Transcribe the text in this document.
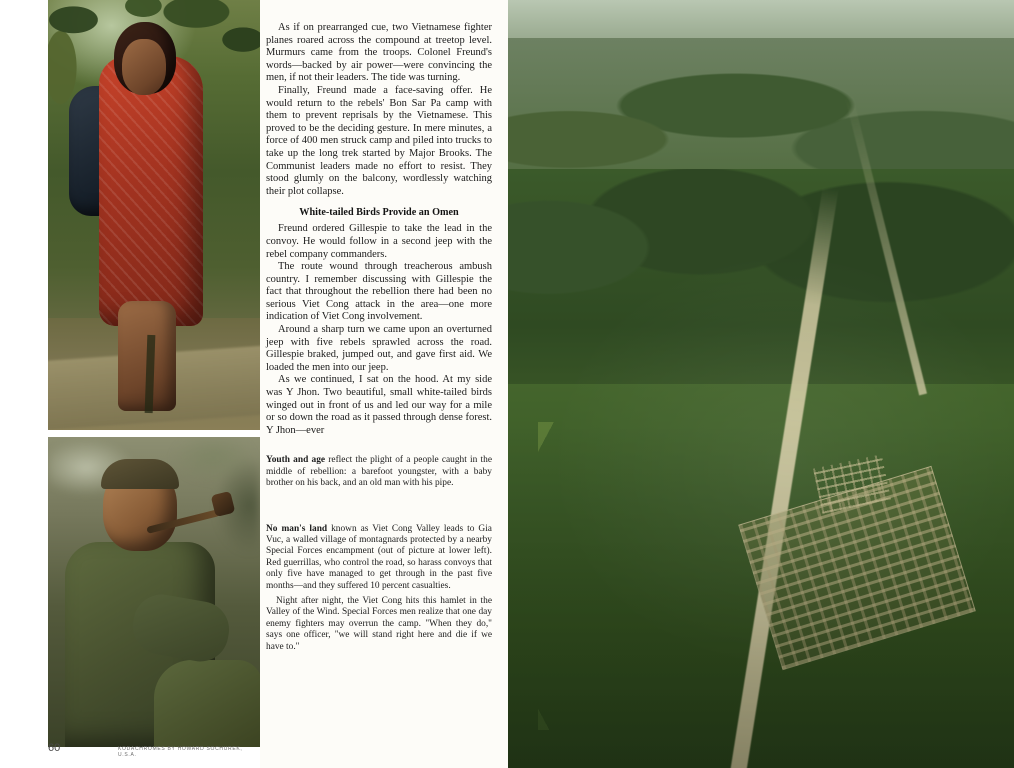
60	KODACHROMES BY HOWARD SOCHUREK, U.S.A.

As if on prearranged cue, two Vietnamese fighter planes roared across the compound at treetop level. Murmurs came from the troops. Colonel Freund's words—backed by air power—were convincing the men, if not their leaders. The tide was turning.

Finally, Freund made a face-saving offer. He would return to the rebels' Bon Sar Pa camp with them to prevent reprisals by the Vietnamese. This proved to be the deciding gesture. In mere minutes, a force of 400 men struck camp and piled into trucks to take up the long trek started by Major Brooks. The Communist leaders made no effort to resist. They stood glumly on the balcony, wordlessly watching their plot collapse.

White-tailed Birds Provide an Omen

Freund ordered Gillespie to take the lead in the convoy. He would follow in a second jeep with the rebel company commanders.

The route wound through treacherous ambush country. I remember discussing with Gillespie the fact that throughout the rebellion there had been no serious Viet Cong attack in the area—one more indication of Viet Cong involvement.

Around a sharp turn we came upon an overturned jeep with five rebels sprawled across the road. Gillespie braked, jumped out, and gave first aid. We loaded the men into our jeep.

As we continued, I sat on the hood. At my side was Y Jhon. Two beautiful, small white-tailed birds winged out in front of us and led our way for a mile or so down the road as it passed through dense forest. Y Jhon—ever

Youth and age reflect the plight of a people caught in the middle of rebellion: a barefoot youngster, with a baby brother on his back, and an old man with his pipe.
No man's land known as Viet Cong Valley leads to Gia Vuc, a walled village of montagnards protected by a nearby Special Forces encampment (out of picture at lower left). Red guerrillas, who control the road, so harass convoys that only five have managed to get through in the past five months—and they suffered 10 percent casualties.
Night after night, the Viet Cong hits this hamlet in the Valley of the Wind. Special Forces men realize that one day enemy fighters may overrun the camp. "When they do," says one officer, "we will stand right here and die if we have to."
